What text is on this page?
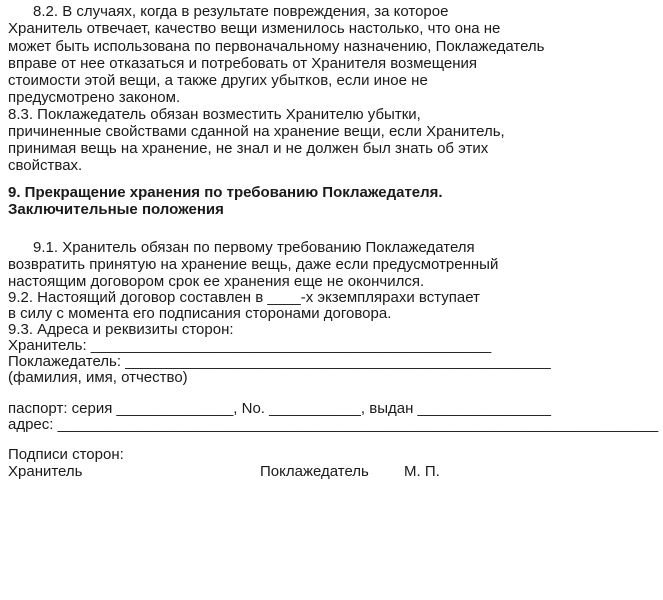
8.2. В случаях, когда в результате повреждения, за которое
Хранитель отвечает, качество вещи изменилось настолько, что она не
может быть использована по первоначальному назначению, Поклажедатель
вправе от нее отказаться и потребовать от Хранителя возмещения
стоимости этой вещи, а также других убытков, если иное не
предусмотрено законом.
8.3. Поклажедатель обязан возместить Хранителю убытки,
причиненные свойствами сданной на хранение вещи, если Хранитель,
принимая вещь на хранение, не знал и не должен был знать об этих
свойствах.
9. Прекращение хранения по требованию Поклажедателя.
Заключительные положения
9.1. Хранитель обязан по первому требованию Поклажедателя
возвратить принятую на хранение вещь, даже если предусмотренный
настоящим договором срок ее хранения еще не окончился.
9.2. Настоящий договор составлен в ____-х экземплярахи вступает
в силу с момента его подписания сторонами договора.
9.3. Адреса и реквизиты сторон:
Хранитель: ________________________________________________
Поклажедатель: ___________________________________________________
(фамилия, имя, отчество)
паспорт: серия ______________, No. ___________, выдан ________________
адрес: ________________________________________________________________________
Подписи сторон:
Хранитель	Поклажедатель М. П.
